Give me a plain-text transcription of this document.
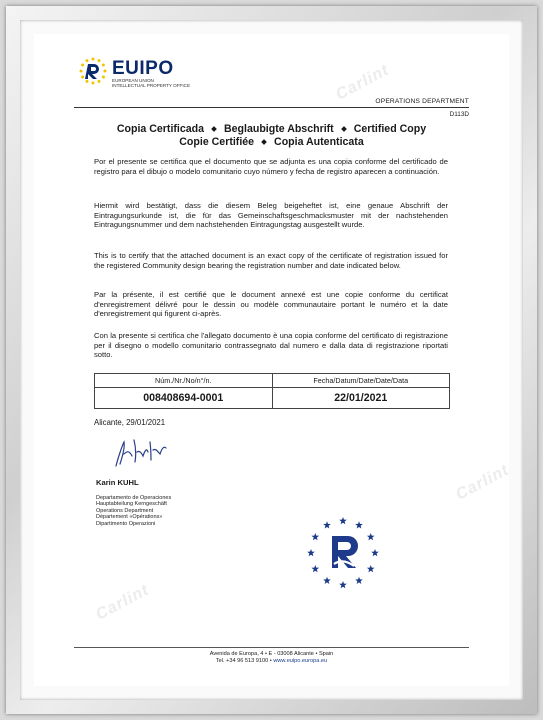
EUIPO
EUROPEAN UNION
INTELLECTUAL PROPERTY OFFICE	Carlint
Carlint
Carlint
OPERATIONS DEPARTMENT
D113D
Copia Certificada Beglaubigte Abschrift Certified Copy
Copie Certifiée Copia Autenticata
Por el presente se certifica que el documento que se adjunta es una copia conforme del certificado de registro para el dibujo o modelo comunitario cuyo número y fecha de registro aparecen a continuación.
Hiermit wird bestätigt, dass die diesem Beleg beigeheftet ist, eine genaue Abschrift der Eintragungsurkunde ist, die für das Gemeinschaftsgeschmacksmuster mit der nachstehenden Eintragungsnummer und dem nachstehenden Eintragungstag ausgestellt wurde.
This is to certify that the attached document is an exact copy of the certificate of registration issued for the registered Community design bearing the registration number and date indicated below.
Par la présente, il est certifié que le document annexé est une copie conforme du certificat d'enregistrement délivré pour le dessin ou modèle communautaire portant le numéro et la date d'enregistrement qui figurent ci-après.
Con la presente si certifica che l'allegato documento è una copia conforme del certificato di registrazione per il disegno o modello comunitario contrassegnato dal numero e dalla data di registrazione riportati sotto.
Núm./Nr./No/n°/n.	Fecha/Datum/Date/Date/Data
008408694-0001	22/01/2021
Alicante, 29/01/2021
Karin KUHL
Departamento de Operaciones
Hauptabteilung Kerngeschäft
Operations Department
Département «Opérations»
Dipartimento Operazioni
Avenida de Europa, 4 • E - 03008 Alicante • Spain
Tel. +34 96 513 9100 • www.euipo.europa.eu
